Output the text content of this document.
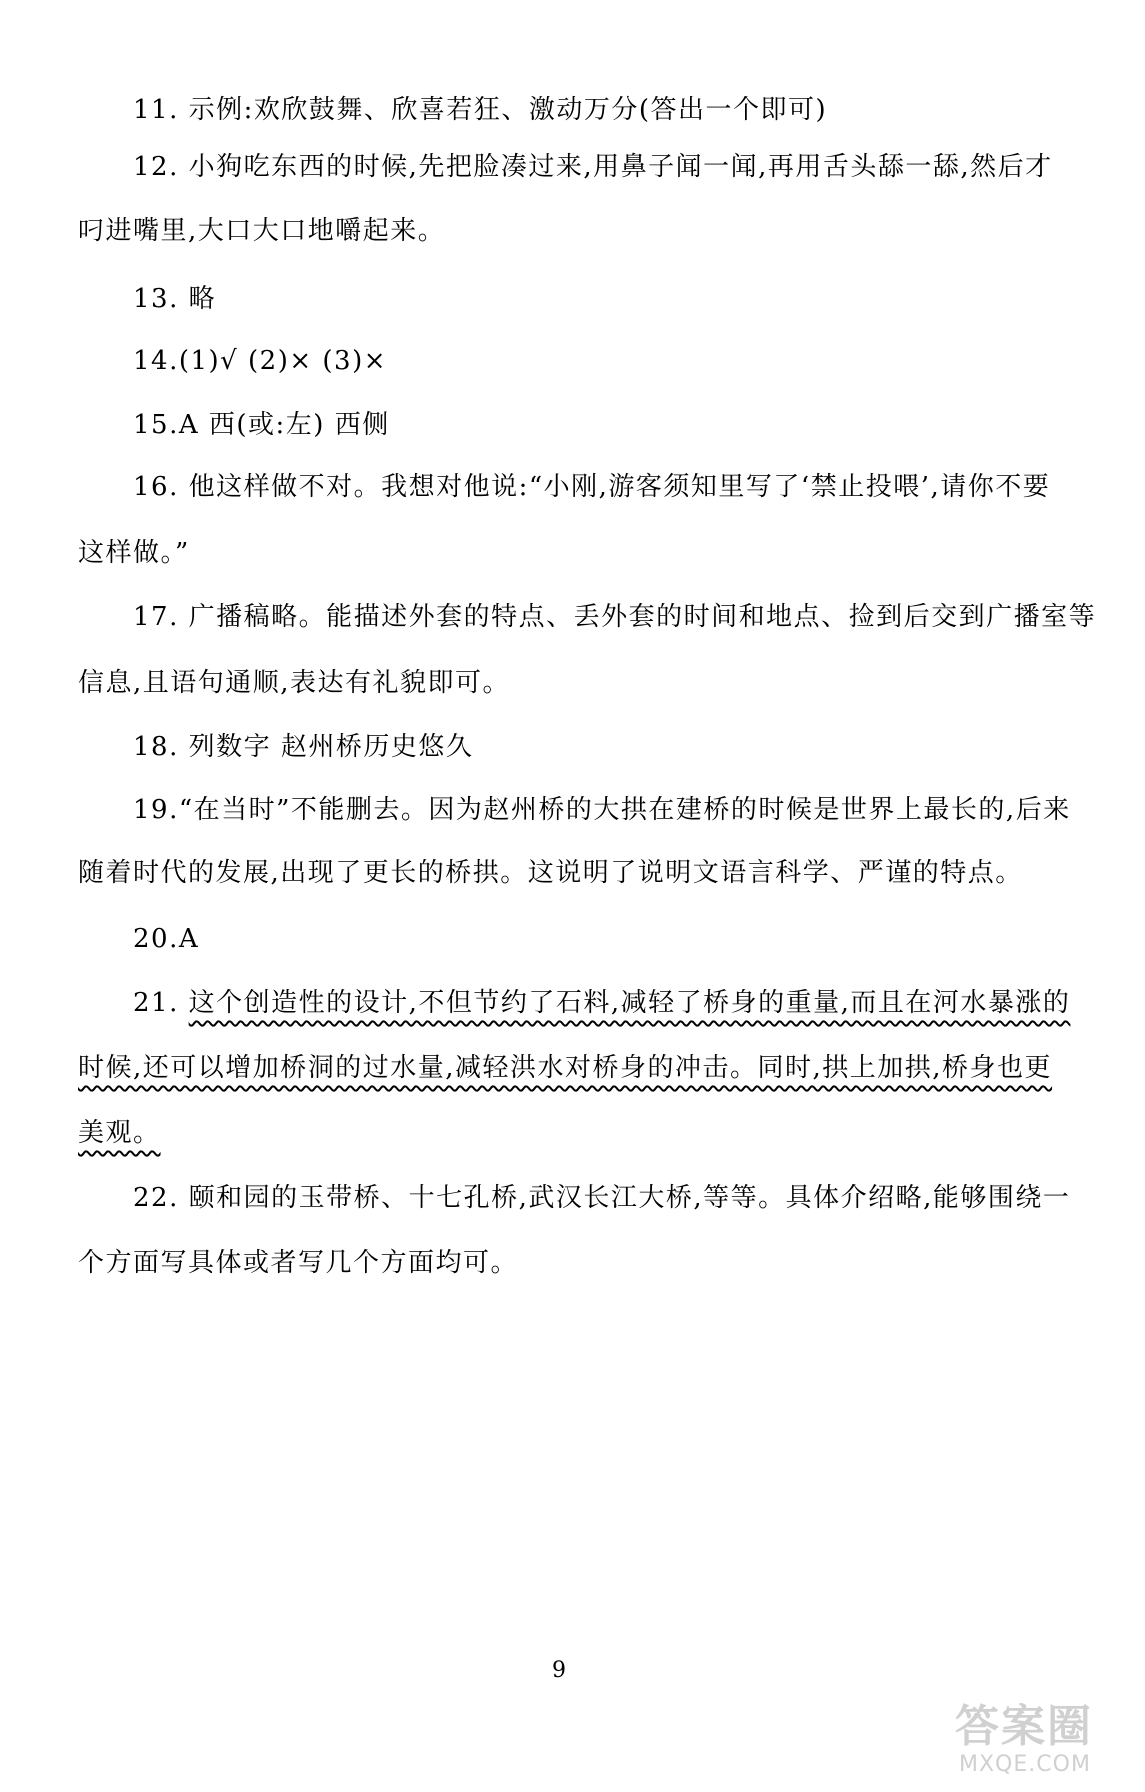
11. 示例:欢欣鼓舞、欣喜若狂、激动万分(答出一个即可)
12. 小狗吃东西的时候,先把脸凑过来,用鼻子闻一闻,再用舌头舔一舔,然后才
叼进嘴里,大口大口地嚼起来。
13. 略
14.(1)√ (2)× (3)×
15.A 西(或:左) 西侧
16. 他这样做不对。我想对他说:“小刚,游客须知里写了‘禁止投喂’,请你不要
这样做。”
17. 广播稿略。能描述外套的特点、丢外套的时间和地点、捡到后交到广播室等
信息,且语句通顺,表达有礼貌即可。
18. 列数字 赵州桥历史悠久
19.“在当时”不能删去。因为赵州桥的大拱在建桥的时候是世界上最长的,后来
随着时代的发展,出现了更长的桥拱。这说明了说明文语言科学、严谨的特点。
20.A
21. 这个创造性的设计,不但节约了石料,减轻了桥身的重量,而且在河水暴涨的
时候,还可以增加桥洞的过水量,减轻洪水对桥身的冲击。同时,拱上加拱,桥身也更
美观。
22. 颐和园的玉带桥、十七孔桥,武汉长江大桥,等等。具体介绍略,能够围绕一
个方面写具体或者写几个方面均可。
9
答案圈
MXQE.COM
